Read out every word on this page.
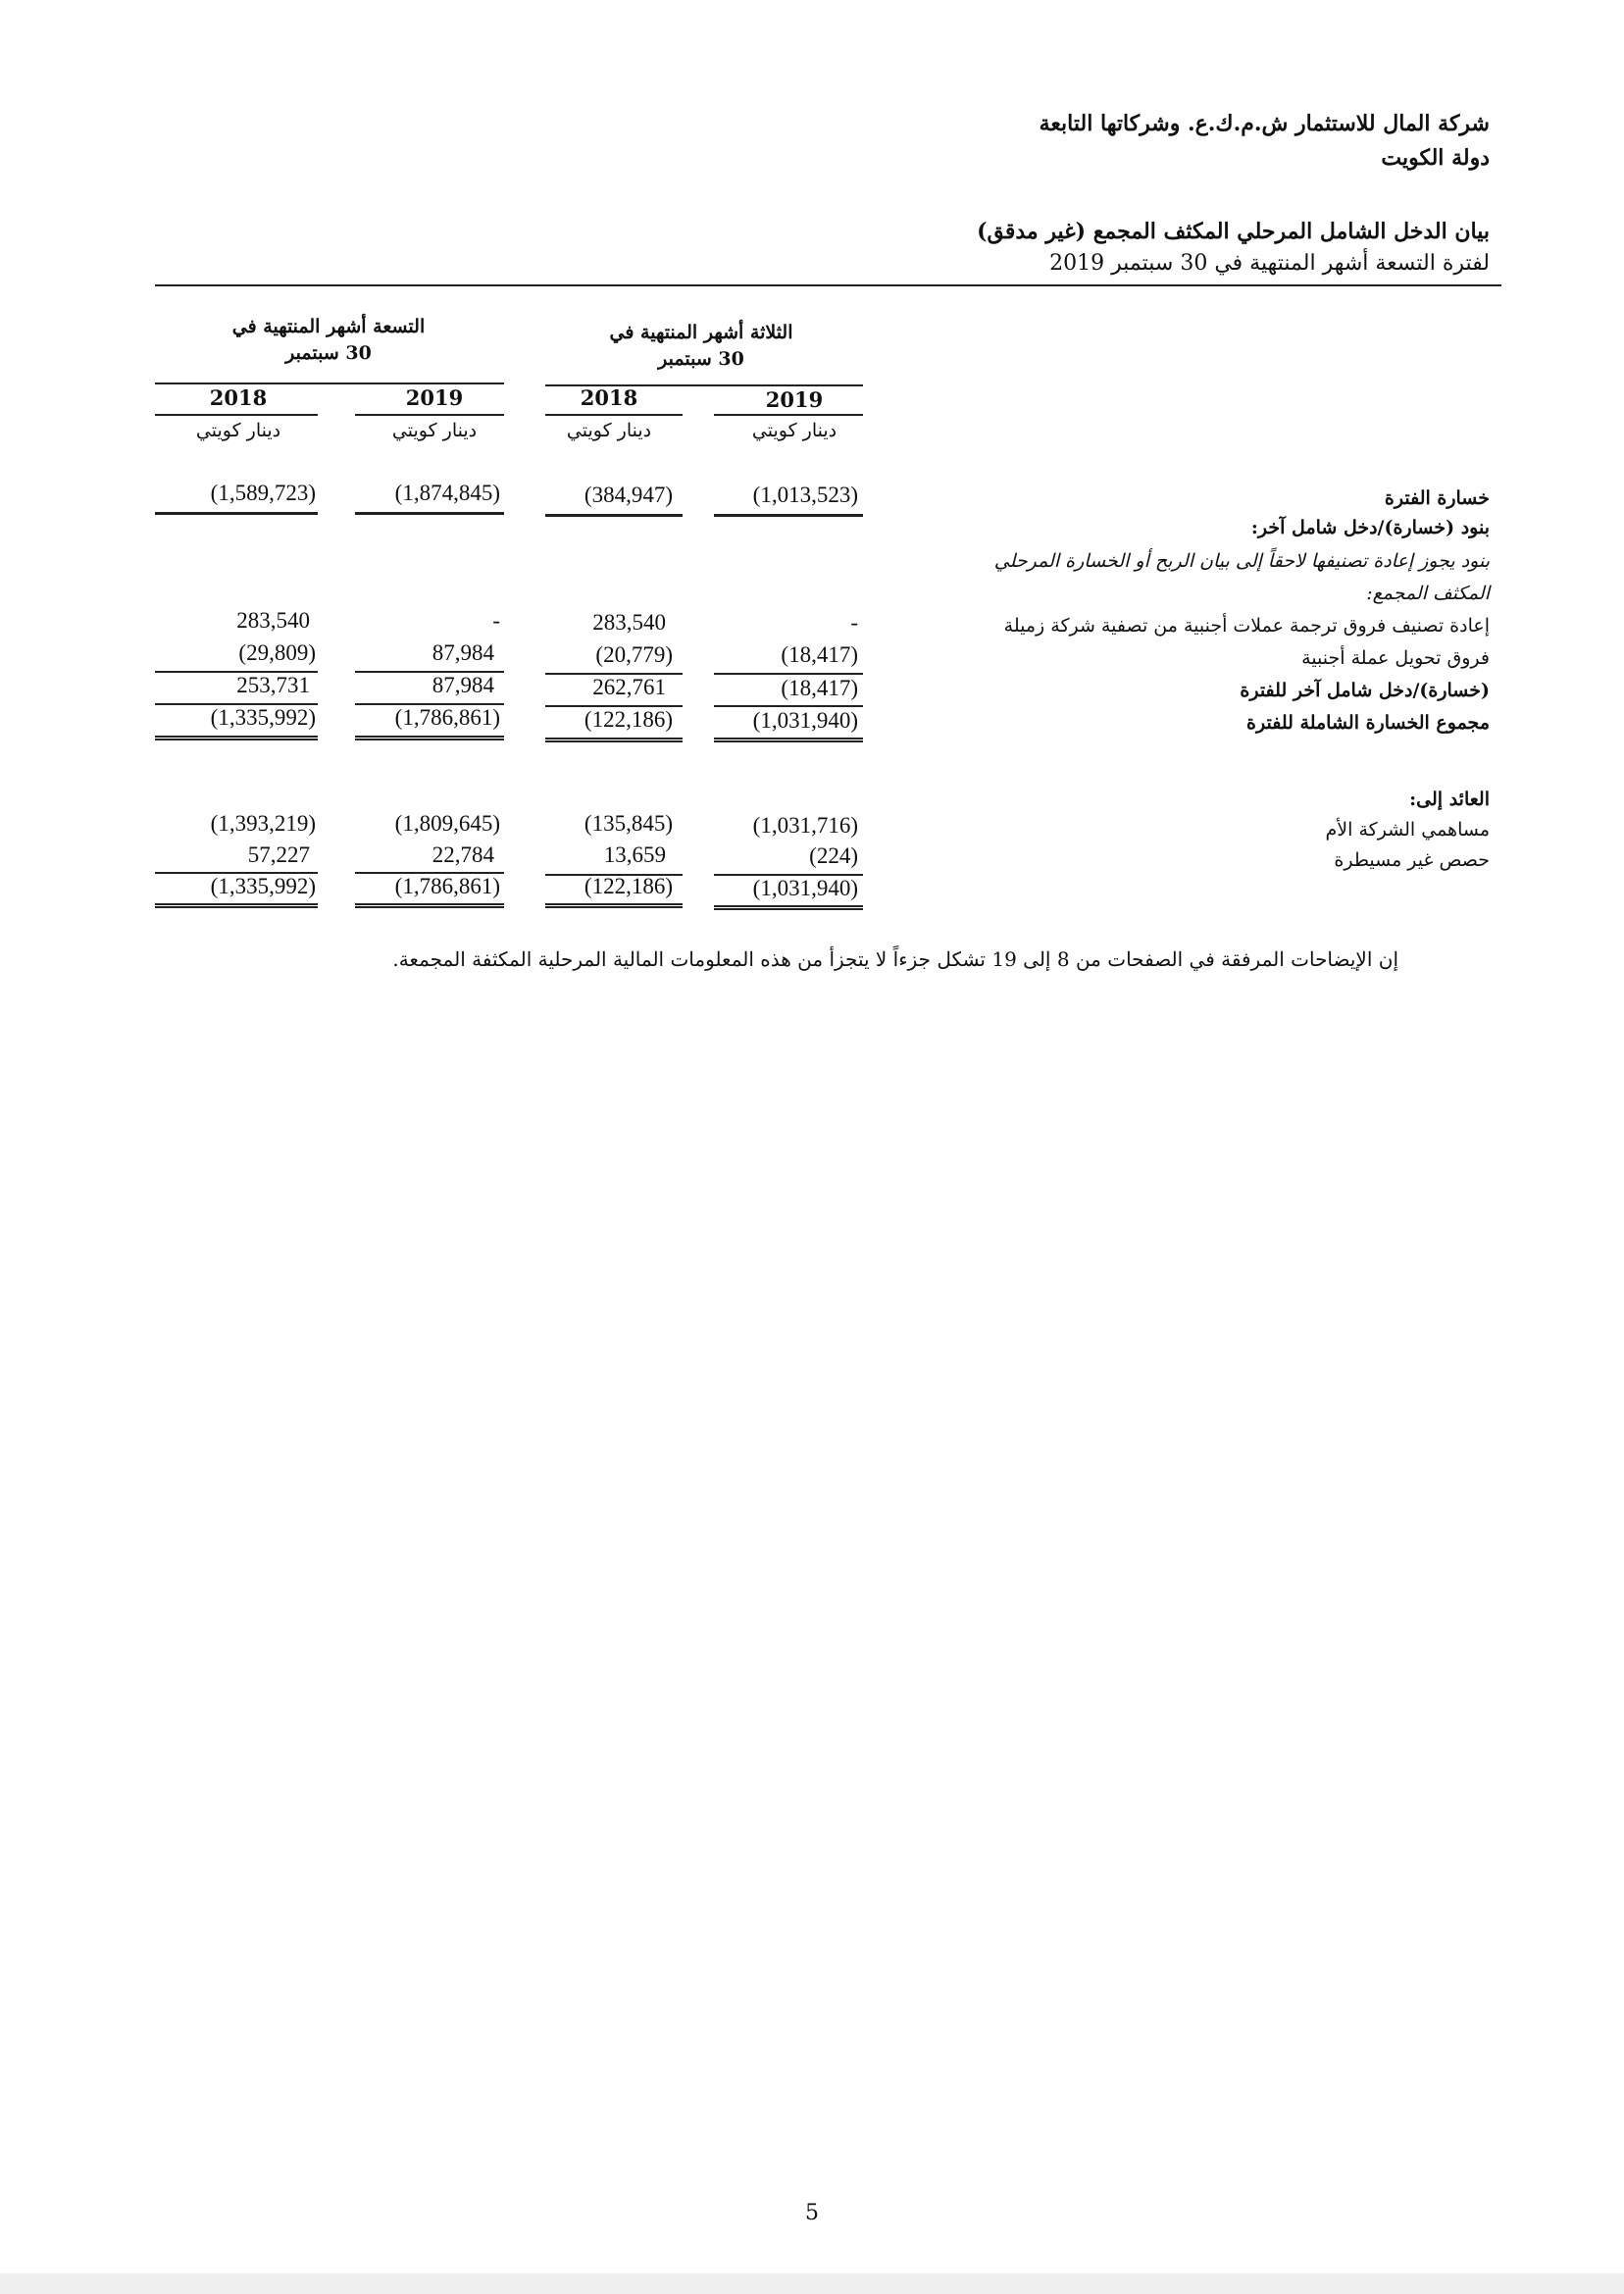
شركة المال للاستثمار ش.م.ك.ع. وشركاتها التابعة
دولة الكويت
بيان الدخل الشامل المرحلي المكثف المجمع (غير مدقق)
لفترة التسعة أشهر المنتهية في 30 سبتمبر 2019
الثلاثة أشهر المنتهية في
30 سبتمبر
التسعة أشهر المنتهية في
30 سبتمبر
2019
2018
2019
2018
دينار كويتي
دينار كويتي
دينار كويتي
دينار كويتي
خسارة الفترة
بنود (خسارة)/دخل شامل آخر:
بنود يجوز إعادة تصنيفها لاحقاً إلى بيان الربح أو الخسارة المرحلي
المكثف المجمع:
إعادة تصنيف فروق ترجمة عملات أجنبية من تصفية شركة زميلة
فروق تحويل عملة أجنبية
(خسارة)/دخل شامل آخر للفترة
مجموع الخسارة الشاملة للفترة
العائد إلى:
مساهمي الشركة الأم
حصص غير مسيطرة
(1,013,523)
(384,947)
(1,874,845)
(1,589,723)
-
283,540
-
283,540
(18,417)
(20,779)
87,984
(29,809)
(18,417)
262,761
87,984
253,731
(1,031,940)
(122,186)
(1,786,861)
(1,335,992)
(1,031,716)
(135,845)
(1,809,645)
(1,393,219)
(224)
13,659
22,784
57,227
(1,031,940)
(122,186)
(1,786,861)
(1,335,992)
إن الإيضاحات المرفقة في الصفحات من 8 إلى 19 تشكل جزءاً لا يتجزأ من هذه المعلومات المالية المرحلية المكثفة المجمعة.
5
